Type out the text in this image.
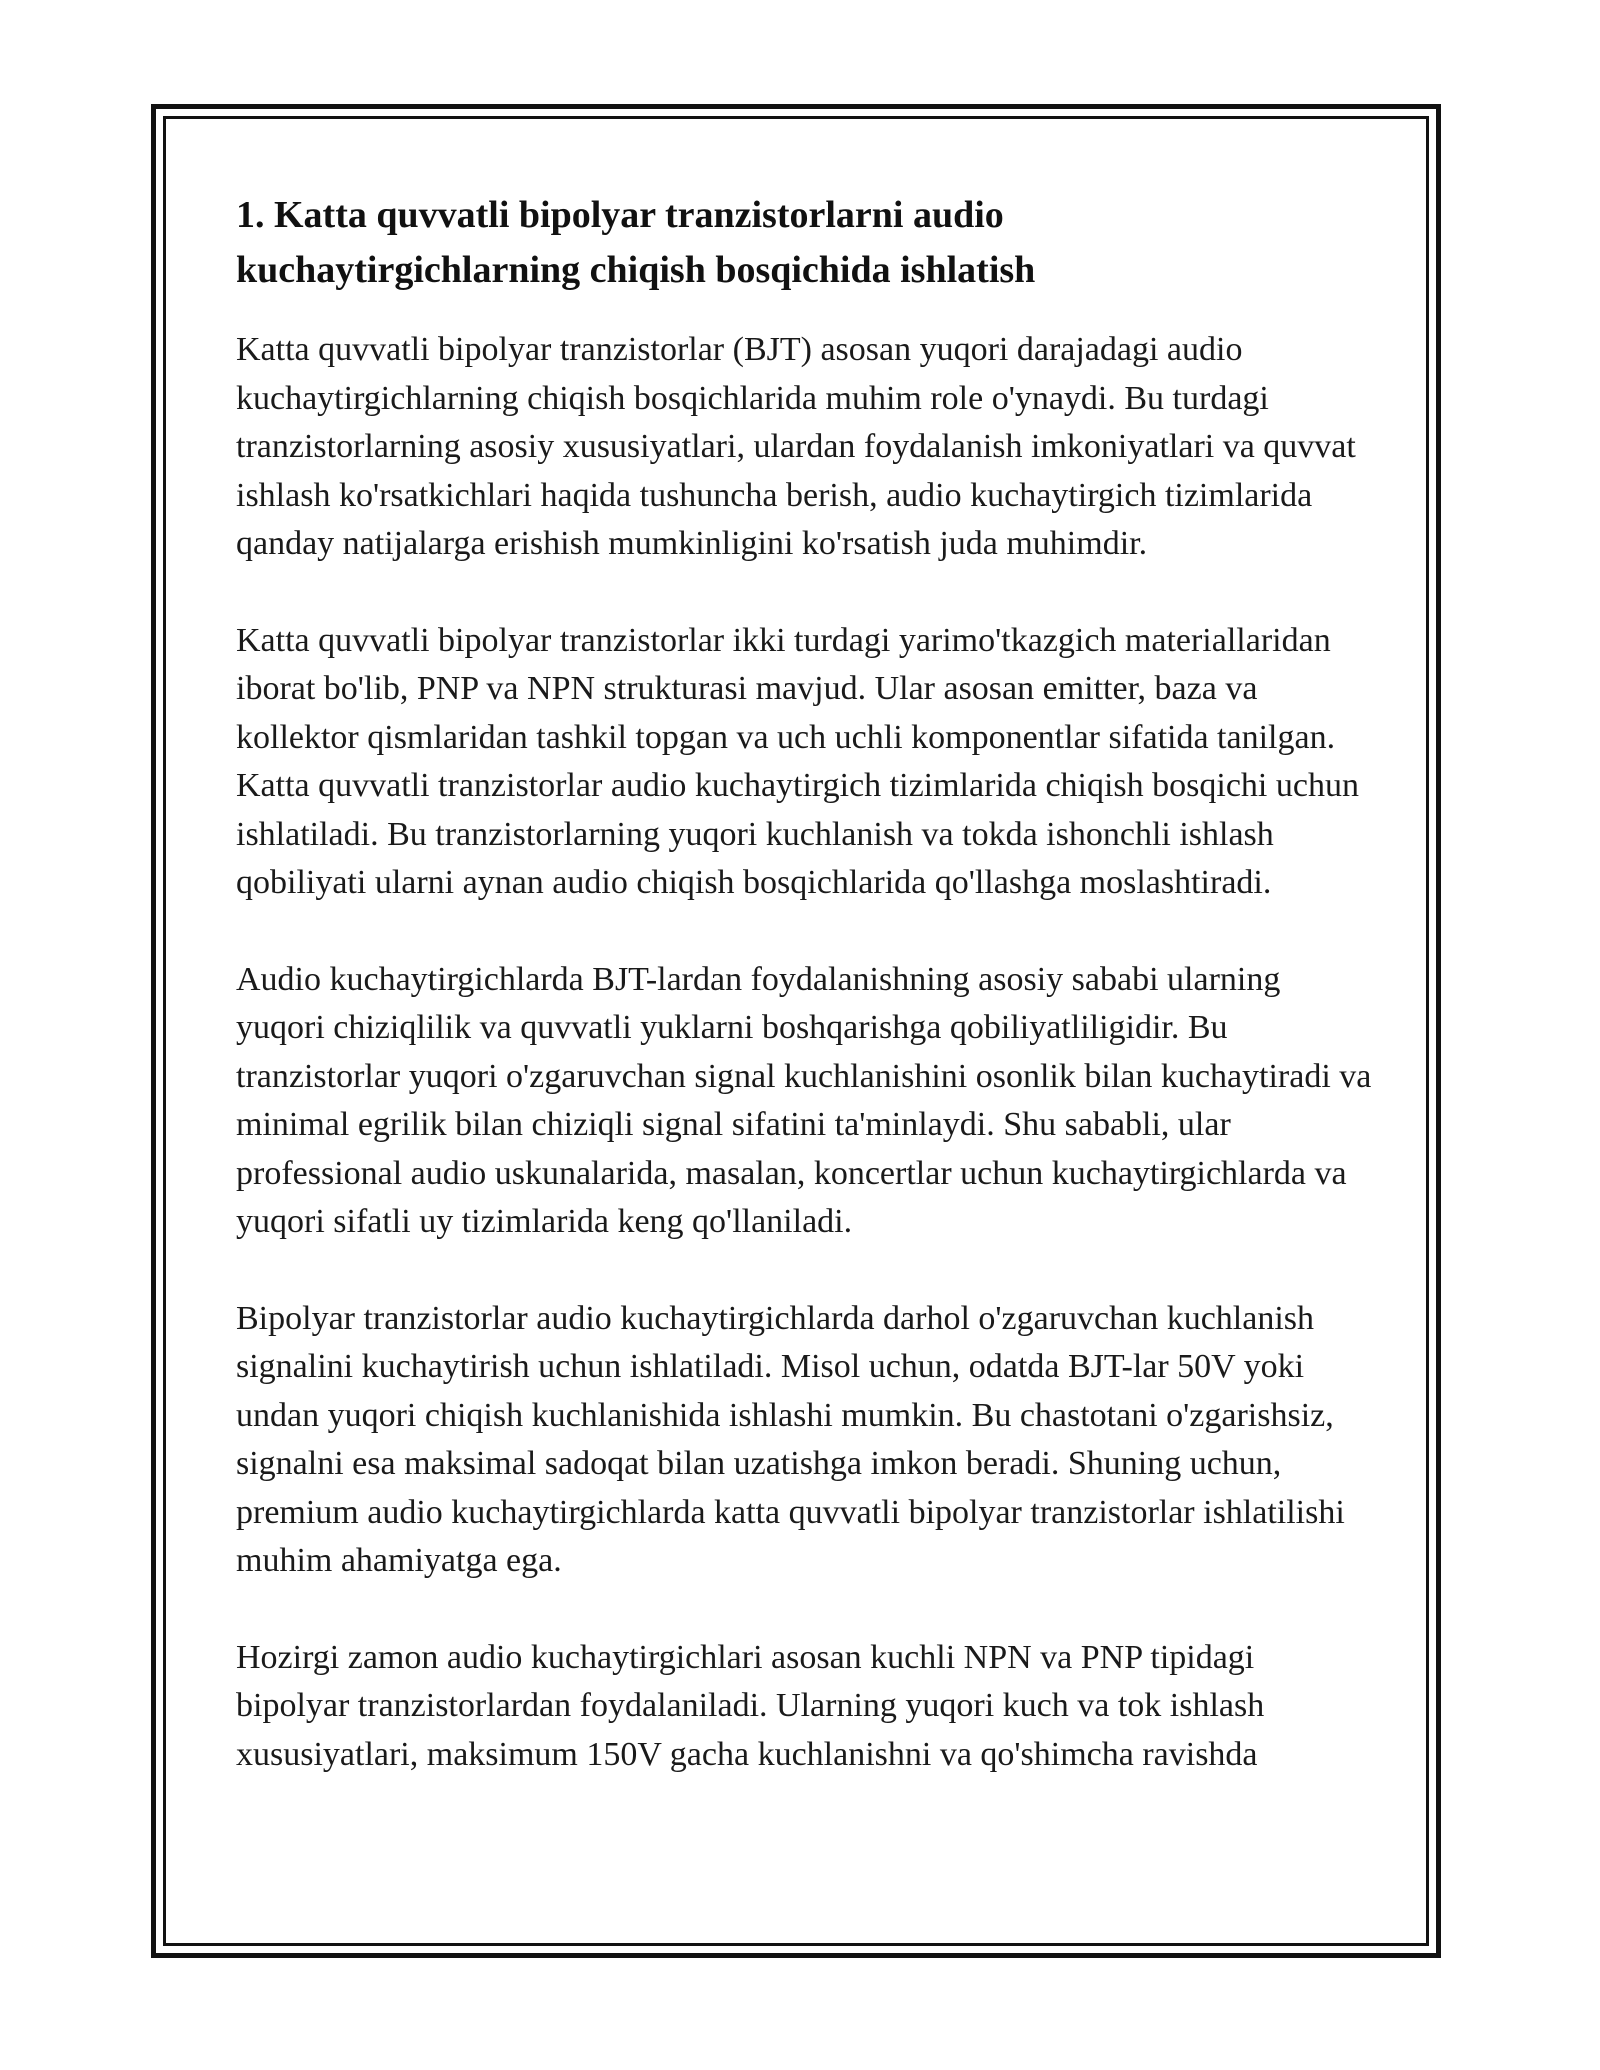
1. Katta quvvatli bipolyar tranzistorlarni audio
kuchaytirgichlarning chiqish bosqichida ishlatish

Katta quvvatli bipolyar tranzistorlar (BJT) asosan yuqori darajadagi audio kuchaytirgichlarning chiqish bosqichlarida muhim role o'ynaydi. Bu turdagi tranzistorlarning asosiy xususiyatlari, ulardan foydalanish imkoniyatlari va quvvat ishlash ko'rsatkichlari haqida tushuncha berish, audio kuchaytirgich tizimlarida qanday natijalarga erishish mumkinligini ko'rsatish juda muhimdir.

Katta quvvatli bipolyar tranzistorlar ikki turdagi yarimo'tkazgich materiallaridan iborat bo'lib, PNP va NPN strukturasi mavjud. Ular asosan emitter, baza va kollektor qismlaridan tashkil topgan va uch uchli komponentlar sifatida tanilgan. Katta quvvatli tranzistorlar audio kuchaytirgich tizimlarida chiqish bosqichi uchun ishlatiladi. Bu tranzistorlarning yuqori kuchlanish va tokda ishonchli ishlash qobiliyati ularni aynan audio chiqish bosqichlarida qo'llashga moslashtiradi.

Audio kuchaytirgichlarda BJT-lardan foydalanishning asosiy sababi ularning yuqori chiziqlilik va quvvatli yuklarni boshqarishga qobiliyatliligidir. Bu tranzistorlar yuqori o'zgaruvchan signal kuchlanishini osonlik bilan kuchaytiradi va minimal egrilik bilan chiziqli signal sifatini ta'minlaydi. Shu sababli, ular professional audio uskunalarida, masalan, koncertlar uchun kuchaytirgichlarda va yuqori sifatli uy tizimlarida keng qo'llaniladi.

Bipolyar tranzistorlar audio kuchaytirgichlarda darhol o'zgaruvchan kuchlanish signalini kuchaytirish uchun ishlatiladi. Misol uchun, odatda BJT-lar 50V yoki undan yuqori chiqish kuchlanishida ishlashi mumkin. Bu chastotani o'zgarishsiz, signalni esa maksimal sadoqat bilan uzatishga imkon beradi. Shuning uchun, premium audio kuchaytirgichlarda katta quvvatli bipolyar tranzistorlar ishlatilishi muhim ahamiyatga ega.

Hozirgi zamon audio kuchaytirgichlari asosan kuchli NPN va PNP tipidagi bipolyar tranzistorlardan foydalaniladi. Ularning yuqori kuch va tok ishlash xususiyatlari, maksimum 150V gacha kuchlanishni va qo'shimcha ravishda
